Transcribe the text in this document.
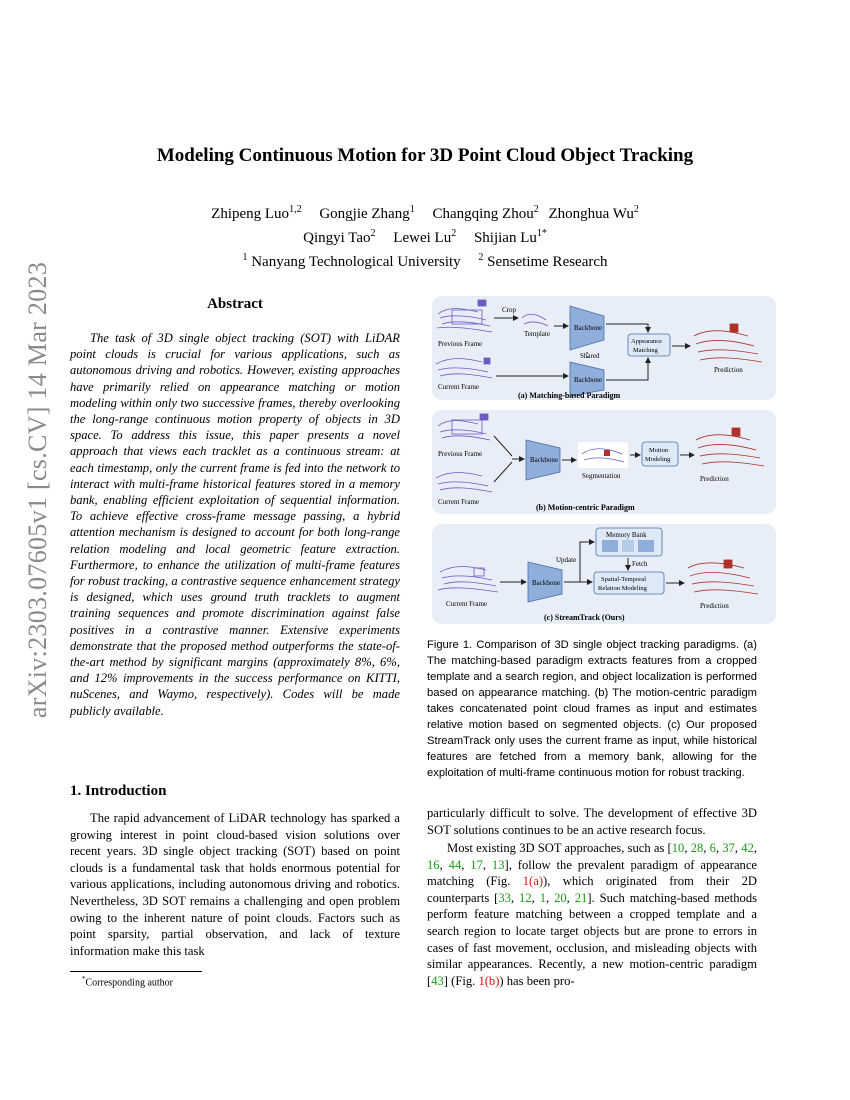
arXiv:2303.07605v1 [cs.CV] 14 Mar 2023
Modeling Continuous Motion for 3D Point Cloud Object Tracking
Zhipeng Luo$^{1,2}$ Gongjie Zhang$^1$ Changqing Zhou$^2$ Zhonghua Wu$^2$
Qingyi Tao$^2$ Lewei Lu$^2$ Shijian $Lu^{1*}$
$^1$ Nanyang Technological University $^2$ Sensetime Research
Abstract

The task of 3D single object tracking (SOT) with LiDAR point clouds is crucial for various applications, such as autonomous driving and robotics. However, existing approaches have primarily relied on appearance matching or motion modeling within only two successive frames, thereby overlooking the long-range continuous motion property of objects in 3D space. To address this issue, this paper presents a novel approach that views each tracklet as a continuous stream: at each timestamp, only the current frame is fed into the network to interact with multi-frame historical features stored in a memory bank, enabling efficient exploitation of sequential information. To achieve effective cross-frame message passing, a hybrid attention mechanism is designed to account for both long-range relation modeling and local geometric feature extraction. Furthermore, to enhance the utilization of multi-frame features for robust tracking, a contrastive sequence enhancement strategy is designed, which uses ground truth tracklets to augment training sequences and promote discrimination against false positives in a contrastive manner. Extensive experiments demonstrate that the proposed method outperforms the state-of-the-art method by significant margins (approximately 8%, 6%, and 12% improvements in the success performance on KITTI, nuScenes, and Waymo, respectively). Codes will be made publicly available.

1. Introduction

The rapid advancement of LiDAR technology has sparked a growing interest in point cloud-based vision solutions over recent years. 3D single object tracking (SOT) based on point clouds is a fundamental task that holds enormous potential for various applications, including autonomous driving and robotics. Nevertheless, 3D SOT remains a challenging and open problem owing to the inherent nature of point clouds. Factors such as point sparsity, partial observation, and lack of texture information make this task

*Corresponding author
Previous Frame
Current Frame
Crop
Template
Backbone
Backbone
Shared
Appearance
Matching
Prediction
(a) Matching-based Paradigm
Previous Frame
Current Frame
Backbone
Segmentation
Motion
Modeling
Prediction
(b) Motion-centric Paradigm
Memory Bank
Current Frame
Backbone
Update	Fetch
Spatial-Temporal
Relation Modeling
Prediction
(c) StreamTrack (Ours)

Figure 1. Comparison of 3D single object tracking paradigms. (a) The matching-based paradigm extracts features from a cropped template and a search region, and object localization is performed based on appearance matching. (b) The motion-centric paradigm takes concatenated point cloud frames as input and estimates relative motion based on segmented objects. (c) Our proposed StreamTrack only uses the current frame as input, while historical features are fetched from a memory bank, allowing for the exploitation of multi-frame continuous motion for robust tracking.

particularly difficult to solve. The development of effective 3D SOT solutions continues to be an active research focus.

Most existing 3D SOT approaches, such as [10, 28, 6, 37, 42, 16, 44, 17, 13], follow the prevalent paradigm of appearance matching (Fig. 1(a)), which originated from their 2D counterparts [33, 12, 1, 20, 21]. Such matching-based methods perform feature matching between a cropped template and a search region to locate target objects but are prone to errors in cases of fast movement, occlusion, and misleading objects with similar appearances. Recently, a new motion-centric paradigm [43] (Fig. 1(b)) has been pro-
